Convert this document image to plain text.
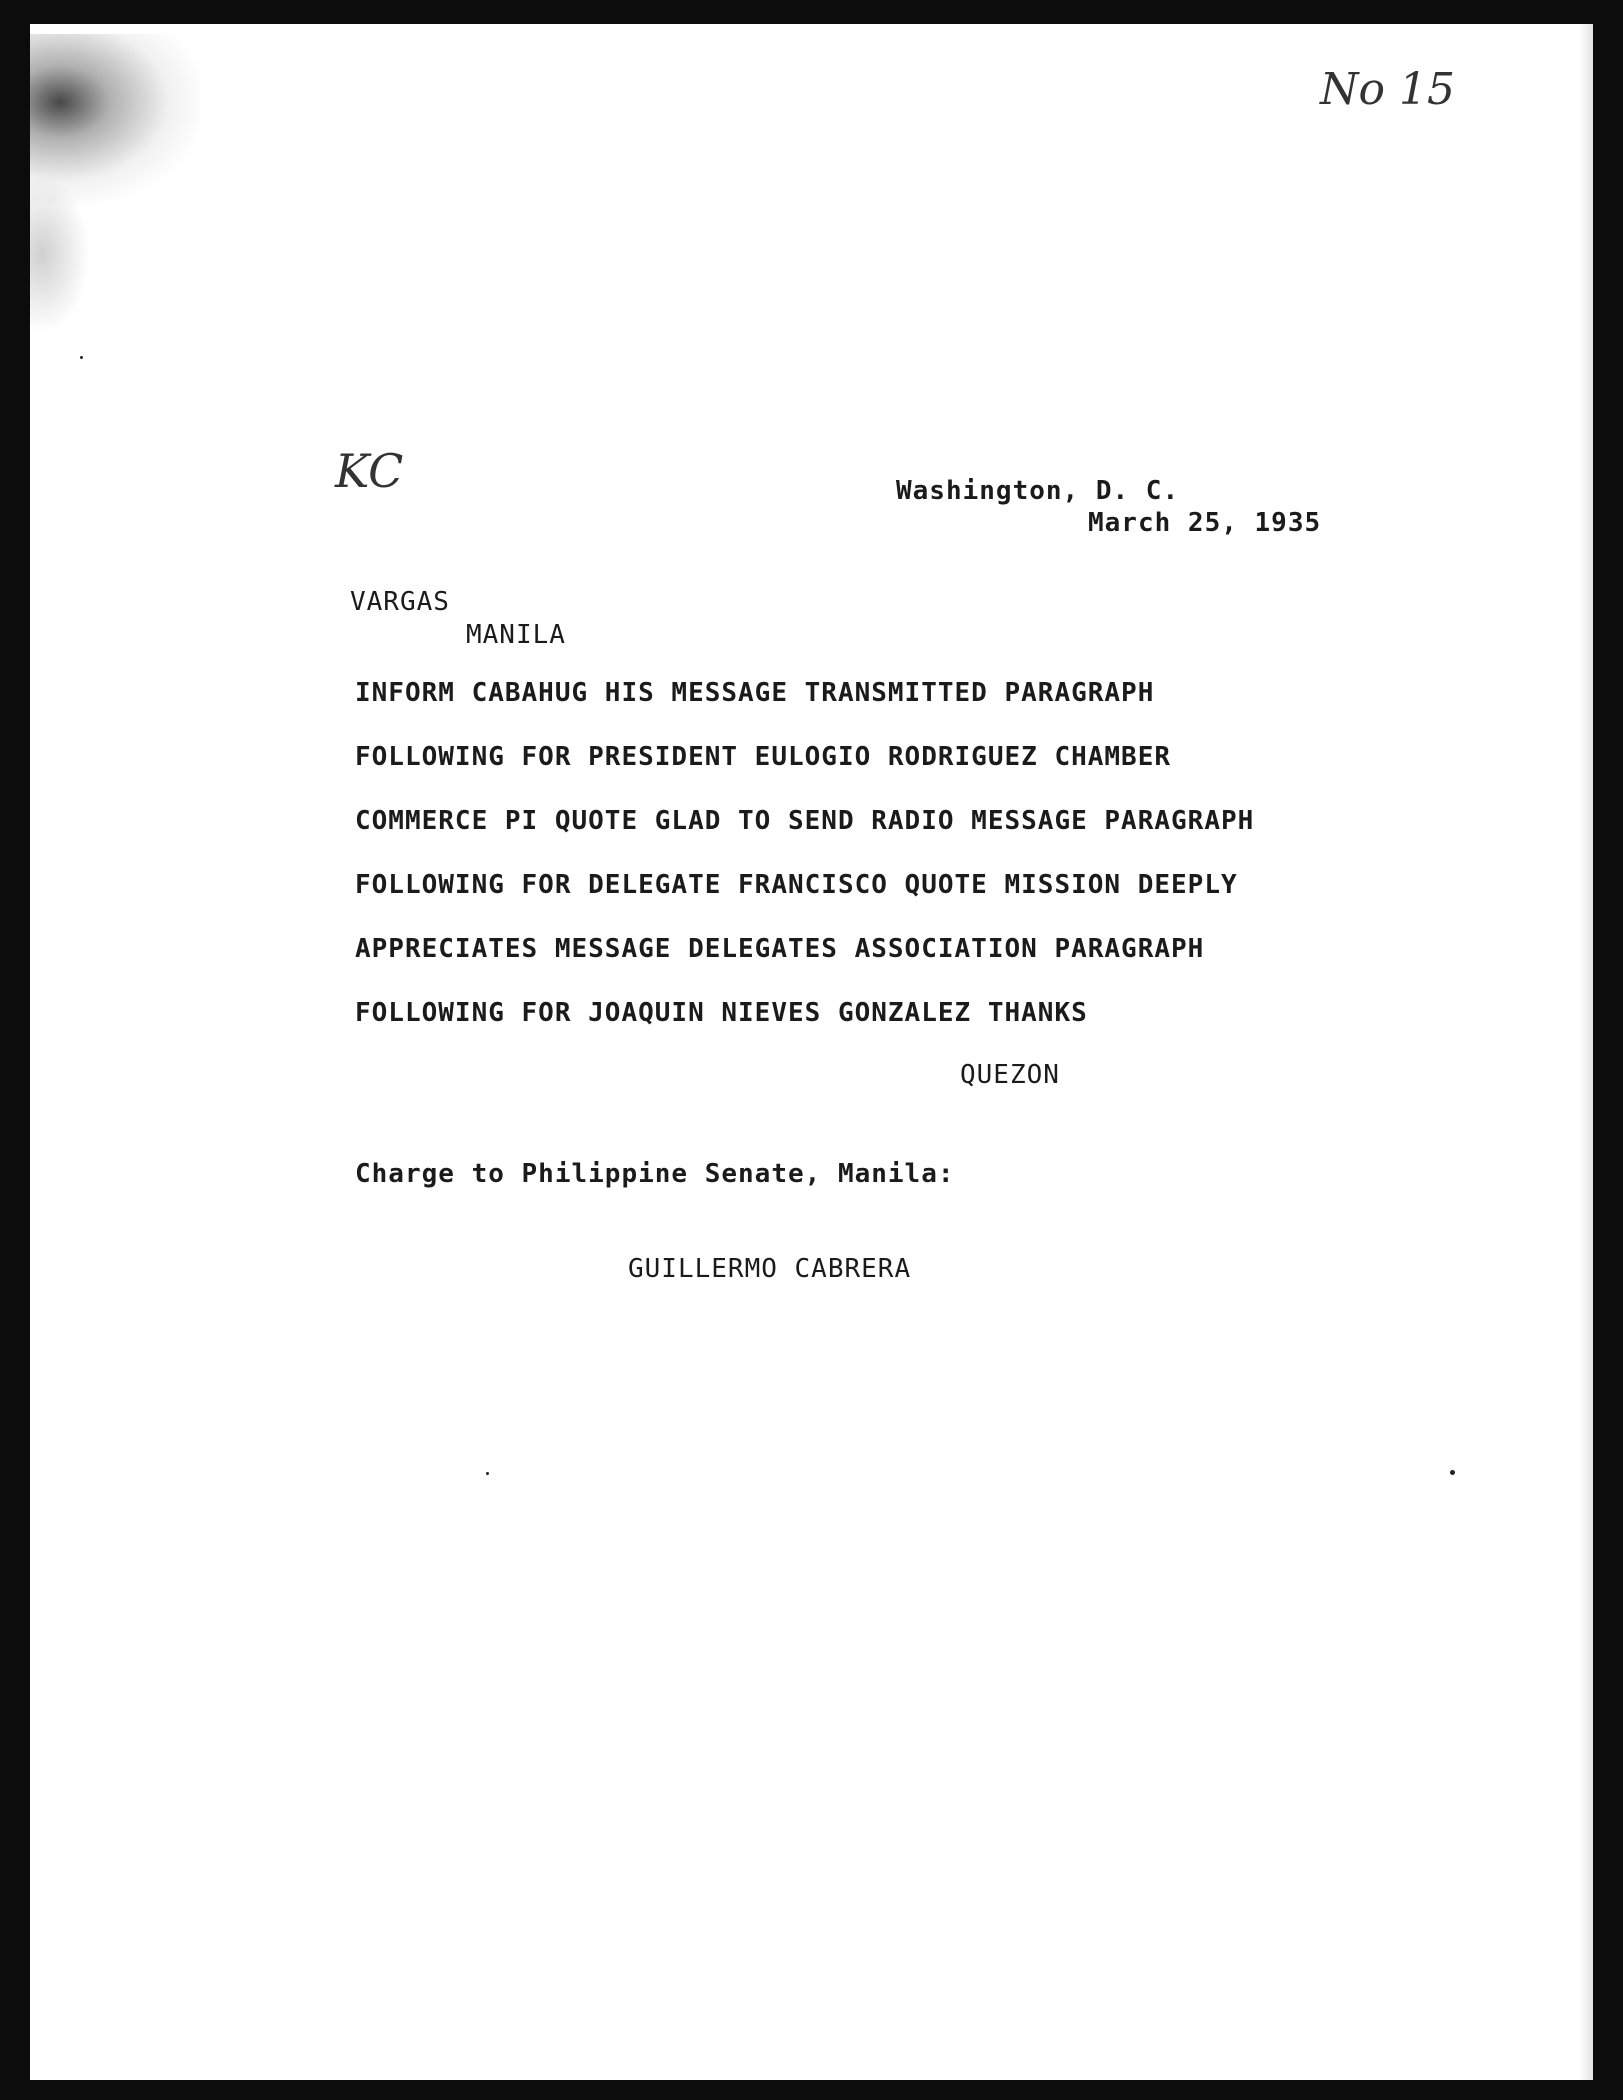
No 15
KC	Washington, D. C.
March 25, 1935
VARGAS
MANILA
INFORM CABAHUG HIS MESSAGE TRANSMITTED PARAGRAPH
FOLLOWING FOR PRESIDENT EULOGIO RODRIGUEZ CHAMBER
COMMERCE PI QUOTE GLAD TO SEND RADIO MESSAGE PARAGRAPH
FOLLOWING FOR DELEGATE FRANCISCO QUOTE MISSION DEEPLY
APPRECIATES MESSAGE DELEGATES ASSOCIATION PARAGRAPH
FOLLOWING FOR JOAQUIN NIEVES GONZALEZ THANKS
QUEZON
Charge to Philippine Senate, Manila:
GUILLERMO CABRERA
